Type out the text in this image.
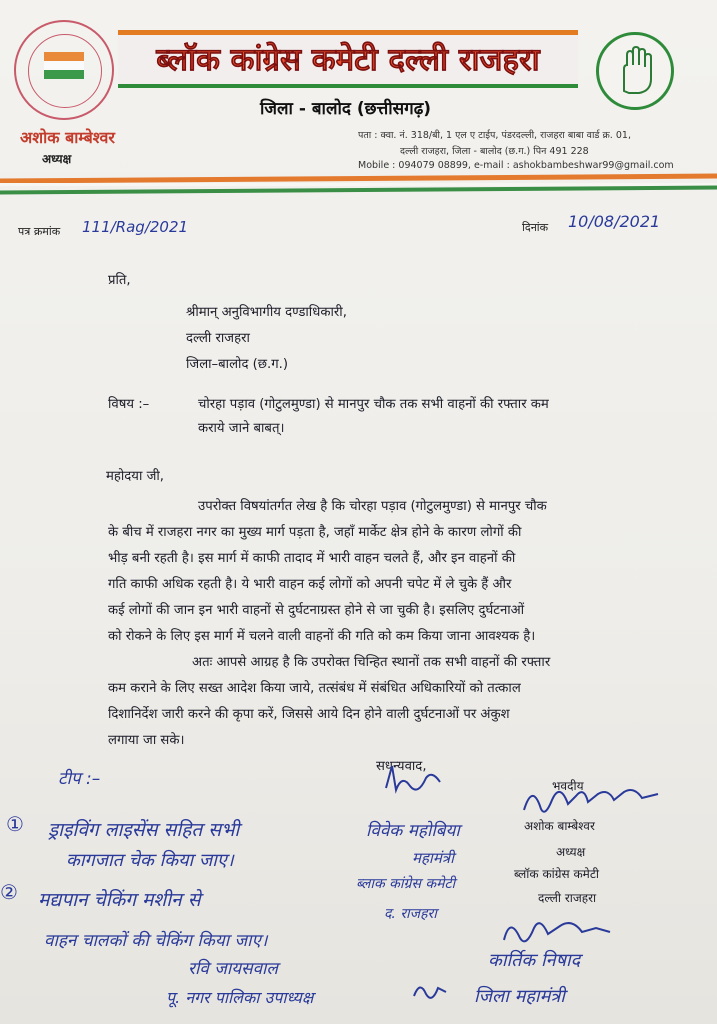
ब्लॉक कांग्रेस कमेटी दल्ली राजहरा
जिला - बालोद (छत्तीसगढ़)
अशोक बाम्बेश्वर
अध्यक्ष
पता : क्वा. नं. 318/बी, 1 एल ए टाईप, पंडरदल्ली, राजहरा बाबा वार्ड क्र. 01,
दल्ली राजहरा, जिला - बालोद (छ.ग.) पिन 491 228
Mobile : 094079 08899, e-mail : ashokbambeshwar99@gmail.com
पत्र क्रमांक 111/Rag/2021	दिनांक 10/08/2021
प्रति,
श्रीमान् अनुविभागीय दण्डाधिकारी,
दल्ली राजहरा
जिला–बालोद (छ.ग.)
विषय :–	चोरहा पड़ाव (गोटुलमुण्डा) से मानपुर चौक तक सभी वाहनों की रफ्तार कम
कराये जाने बाबत्।
महोदया जी,
उपरोक्त विषयांतर्गत लेख है कि चोरहा पड़ाव (गोटुलमुण्डा) से मानपुर चौक
के बीच में राजहरा नगर का मुख्य मार्ग पड़ता है, जहाँ मार्केट क्षेत्र होने के कारण लोगों की
भीड़ बनी रहती है। इस मार्ग में काफी तादाद में भारी वाहन चलते हैं, और इन वाहनों की
गति काफी अधिक रहती है। ये भारी वाहन कई लोगों को अपनी चपेट में ले चुके हैं और
कई लोगों की जान इन भारी वाहनों से दुर्घटनाग्रस्त होने से जा चुकी है। इसलिए दुर्घटनाओं
को रोकने के लिए इस मार्ग में चलने वाली वाहनों की गति को कम किया जाना आवश्यक है।
अतः आपसे आग्रह है कि उपरोक्त चिन्हित स्थानों तक सभी वाहनों की रफ्तार
कम कराने के लिए सख्त आदेश किया जाये, तत्संबंध में संबंधित अधिकारियों को तत्काल
दिशानिर्देश जारी करने की कृपा करें, जिससे आये दिन होने वाली दुर्घटनाओं पर अंकुश
लगाया जा सके।
सधन्यवाद,
भवदीय
अशोक बाम्बेश्वर
अध्यक्ष
ब्लॉक कांग्रेस कमेटी
दल्ली राजहरा
टीप :–
① ड्राइविंग लाइसेंस सहित सभी
कागजात चेक किया जाए।
② मद्यपान चेकिंग मशीन से
वाहन चालकों की चेकिंग किया जाए।
विवेक महोबिया
महामंत्री
ब्लाक कांग्रेस कमेटी
द. राजहरा
रवि जायसवाल
पू. नगर पालिका उपाध्यक्ष
कार्तिक निषाद
जिला महामंत्री
